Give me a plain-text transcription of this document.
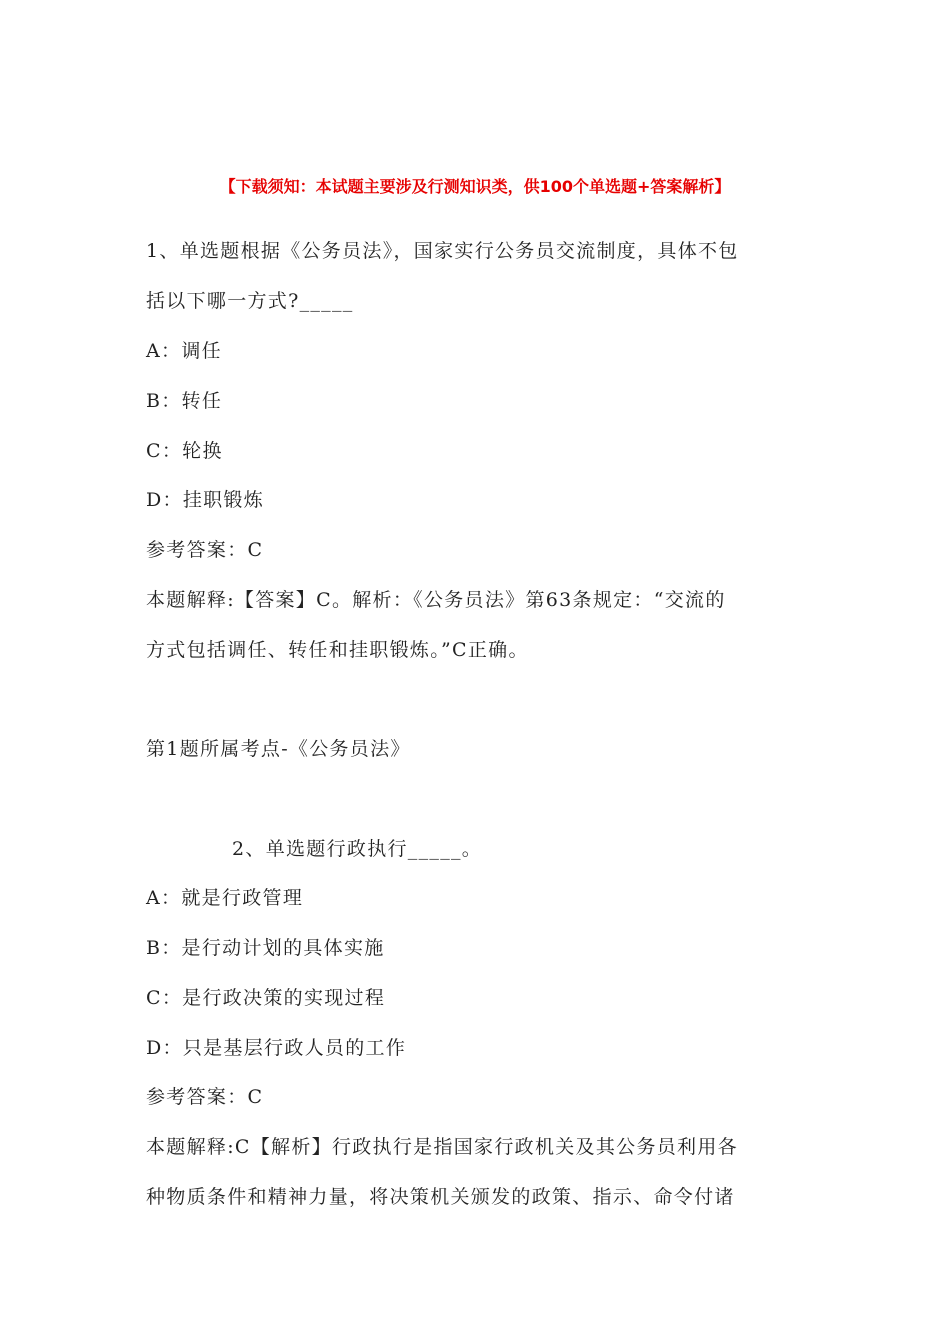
【下载须知：本试题主要涉及行测知识类，供100个单选题+答案解析】
1、单选题根据《公务员法》，国家实行公务员交流制度，具体不包
括以下哪一方式?_____
A：调任
B：转任
C：轮换
D：挂职锻炼
参考答案：C
本题解释:【答案】C。解析：《公务员法》第63条规定：“交流的
方式包括调任、转任和挂职锻炼。”C正确。
第1题所属考点-《公务员法》
2、单选题行政执行_____。
A：就是行政管理
B：是行动计划的具体实施
C：是行政决策的实现过程
D：只是基层行政人员的工作
参考答案：C
本题解释:C【解析】行政执行是指国家行政机关及其公务员利用各
种物质条件和精神力量，将决策机关颁发的政策、指示、命令付诸
